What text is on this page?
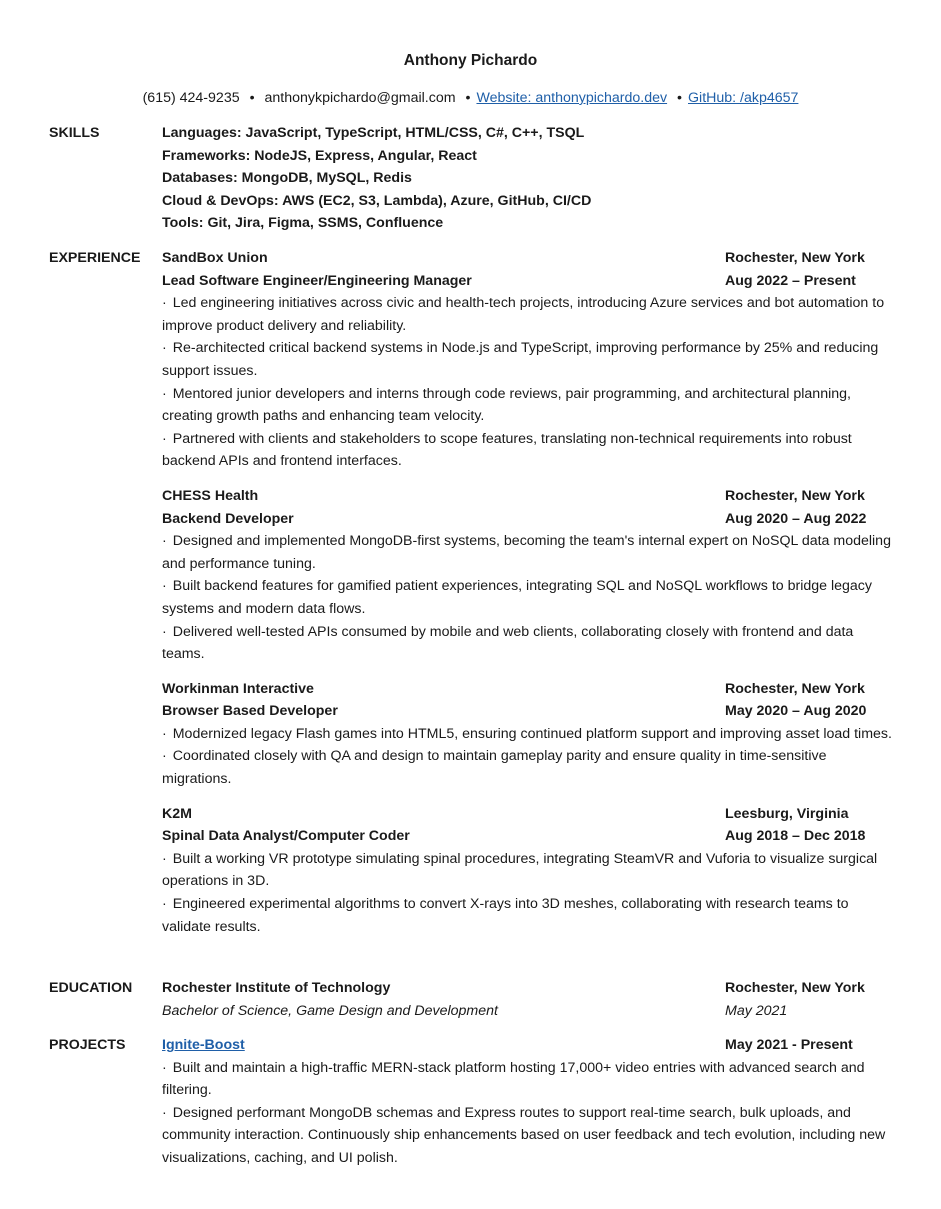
Anthony Pichardo
(615) 424-9235 • anthonykpichardo@gmail.com • Website: anthonypichardo.dev • GitHub: /akp4657
SKILLS	Languages: JavaScript, TypeScript, HTML/CSS, C#, C++, TSQL
Frameworks: NodeJS, Express, Angular, React
Databases: MongoDB, MySQL, Redis
Cloud & DevOps: AWS (EC2, S3, Lambda), Azure, GitHub, CI/CD
Tools: Git, Jira, Figma, SSMS, Confluence
EXPERIENCE	SandBox Union	Rochester, New York
Lead Software Engineer/Engineering Manager	Aug 2022 – Present
· Led engineering initiatives across civic and health-tech projects, introducing Azure services and bot automation to improve product delivery and reliability.
· Re-architected critical backend systems in Node.js and TypeScript, improving performance by 25% and reducing support issues.
· Mentored junior developers and interns through code reviews, pair programming, and architectural planning, creating growth paths and enhancing team velocity.
· Partnered with clients and stakeholders to scope features, translating non-technical requirements into robust backend APIs and frontend interfaces.
CHESS Health	Rochester, New York
Backend Developer	Aug 2020 – Aug 2022
· Designed and implemented MongoDB-first systems, becoming the team's internal expert on NoSQL data modeling and performance tuning.
· Built backend features for gamified patient experiences, integrating SQL and NoSQL workflows to bridge legacy systems and modern data flows.
· Delivered well-tested APIs consumed by mobile and web clients, collaborating closely with frontend and data teams.
Workinman Interactive	Rochester, New York
Browser Based Developer	May 2020 – Aug 2020
· Modernized legacy Flash games into HTML5, ensuring continued platform support and improving asset load times.
· Coordinated closely with QA and design to maintain gameplay parity and ensure quality in time-sensitive migrations.
K2M	Leesburg, Virginia
Spinal Data Analyst/Computer Coder	Aug 2018 – Dec 2018
· Built a working VR prototype simulating spinal procedures, integrating SteamVR and Vuforia to visualize surgical operations in 3D.
· Engineered experimental algorithms to convert X-rays into 3D meshes, collaborating with research teams to validate results.
EDUCATION	Rochester Institute of Technology	Rochester, New York
Bachelor of Science, Game Design and Development	May 2021
PROJECTS	Ignite-Boost	May 2021 - Present
· Built and maintain a high-traffic MERN-stack platform hosting 17,000+ video entries with advanced search and filtering.
· Designed performant MongoDB schemas and Express routes to support real-time search, bulk uploads, and community interaction. Continuously ship enhancements based on user feedback and tech evolution, including new visualizations, caching, and UI polish.
